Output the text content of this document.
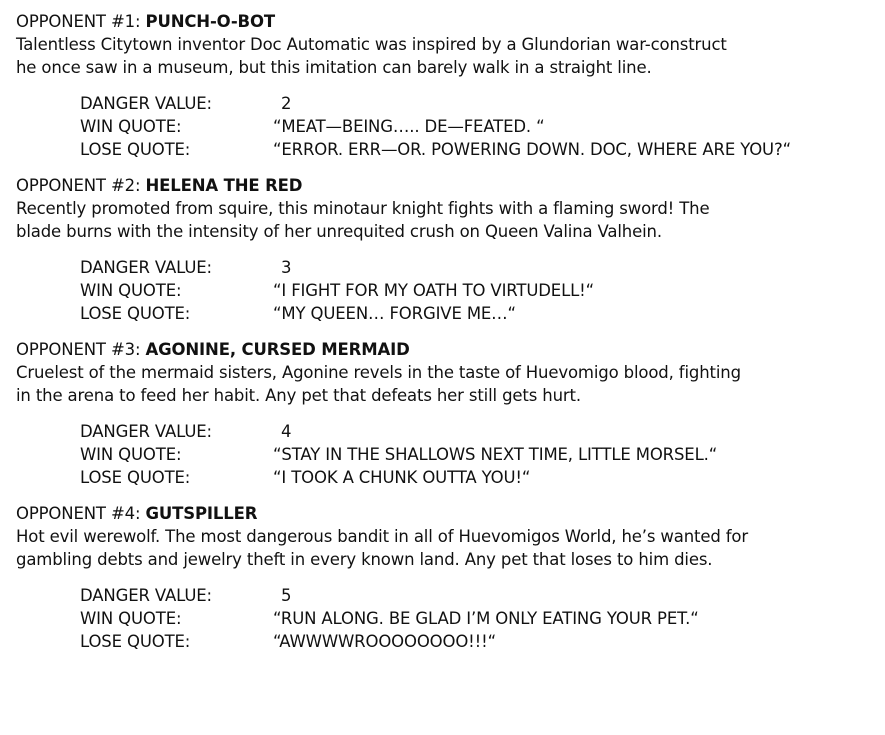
OPPONENT #1: PUNCH-O-BOT
Talentless Citytown inventor Doc Automatic was inspired by a Glundorian war-construct
he once saw in a museum, but this imitation can barely walk in a straight line.
DANGER VALUE:	2
WIN QUOTE:	“MEAT—BEING….. DE—FEATED. “
LOSE QUOTE:	“ERROR. ERR—OR. POWERING DOWN. DOC, WHERE ARE YOU?“
OPPONENT #2: HELENA THE RED
Recently promoted from squire, this minotaur knight fights with a flaming sword! The
blade burns with the intensity of her unrequited crush on Queen Valina Valhein.
DANGER VALUE:	3
WIN QUOTE:	“I FIGHT FOR MY OATH TO VIRTUDELL!“
LOSE QUOTE:	“MY QUEEN… FORGIVE ME…“
OPPONENT #3: AGONINE, CURSED MERMAID
Cruelest of the mermaid sisters, Agonine revels in the taste of Huevomigo blood, fighting
in the arena to feed her habit. Any pet that defeats her still gets hurt.
DANGER VALUE:	4
WIN QUOTE:	“STAY IN THE SHALLOWS NEXT TIME, LITTLE MORSEL.“
LOSE QUOTE:	“I TOOK A CHUNK OUTTA YOU!“
OPPONENT #4: GUTSPILLER
Hot evil werewolf. The most dangerous bandit in all of Huevomigos World, he’s wanted for
gambling debts and jewelry theft in every known land. Any pet that loses to him dies.
DANGER VALUE:	5
WIN QUOTE:	“RUN ALONG. BE GLAD I’M ONLY EATING YOUR PET.“
LOSE QUOTE:	“AWWWWROOOOOOOO!!!“
